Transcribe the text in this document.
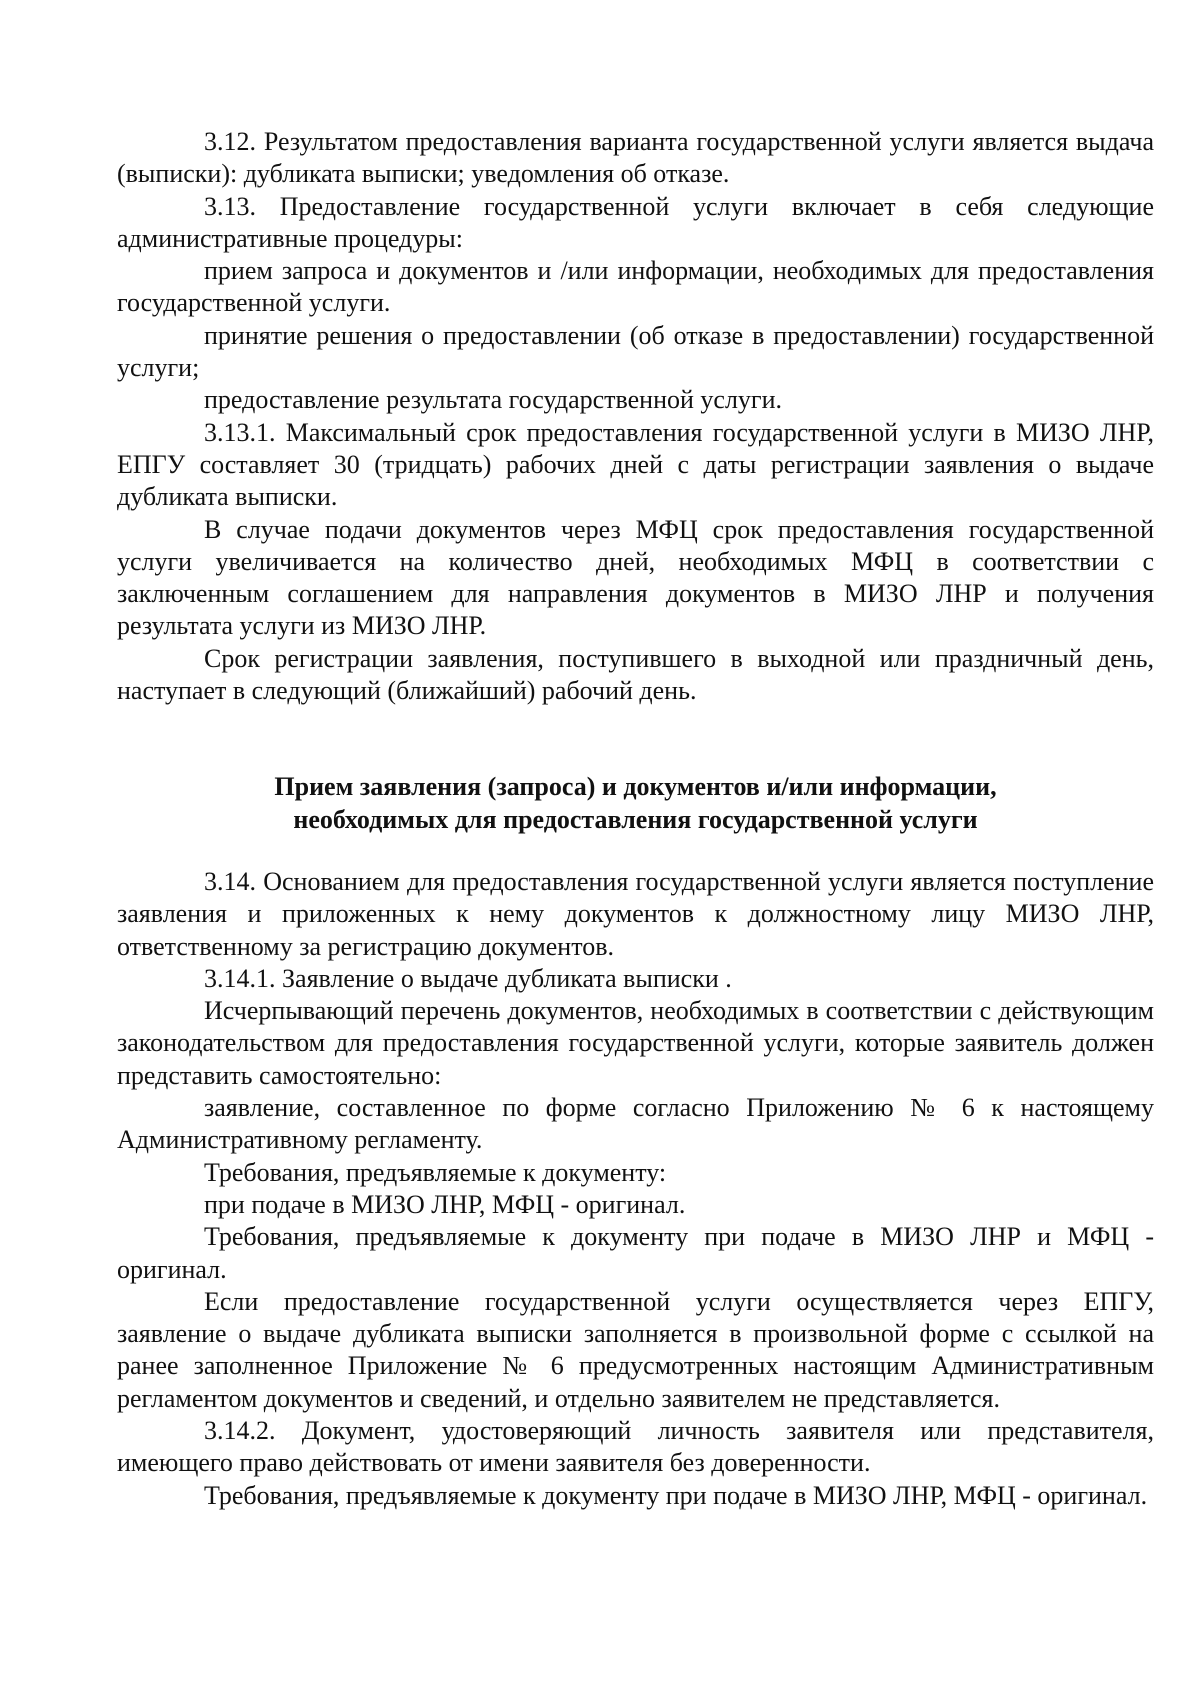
3.12. Результатом предоставления варианта государственной услуги является выдача (выписки): дубликата выписки; уведомления об отказе.

3.13. Предоставление государственной услуги включает в себя следующие административные процедуры:

прием запроса и документов и /или информации, необходимых для предоставления государственной услуги.

принятие решения о предоставлении (об отказе в предоставлении) государственной услуги;

предоставление результата государственной услуги.

3.13.1. Максимальный срок предоставления государственной услуги в МИЗО ЛНР, ЕПГУ составляет 30 (тридцать) рабочих дней с даты регистрации заявления о выдаче дубликата выписки.

В случае подачи документов через МФЦ срок предоставления государственной услуги увеличивается на количество дней, необходимых МФЦ в соответствии с заключенным соглашением для направления документов в МИЗО ЛНР и получения результата услуги из МИЗО ЛНР.

Срок регистрации заявления, поступившего в выходной или праздничный день, наступает в следующий (ближайший) рабочий день.

Прием заявления (запроса) и документов и/или информации,

необходимых для предоставления государственной услуги

3.14. Основанием для предоставления государственной услуги является поступление заявления и приложенных к нему документов к должностному лицу МИЗО ЛНР, ответственному за регистрацию документов.

3.14.1. Заявление о выдаче дубликата выписки .

Исчерпывающий перечень документов, необходимых в соответствии с действующим законодательством для предоставления государственной услуги, которые заявитель должен представить самостоятельно:

заявление, составленное по форме согласно Приложению № 6 к настоящему Административному регламенту.

Требования, предъявляемые к документу:

при подаче в МИЗО ЛНР, МФЦ - оригинал.

Требования, предъявляемые к документу при подаче в МИЗО ЛНР и МФЦ - оригинал.

Если предоставление государственной услуги осуществляется через ЕПГУ, заявление о выдаче дубликата выписки заполняется в произвольной форме с ссылкой на ранее заполненное Приложение № 6 предусмотренных настоящим Административным регламентом документов и сведений, и отдельно заявителем не представляется.

3.14.2. Документ, удостоверяющий личность заявителя или представителя, имеющего право действовать от имени заявителя без доверенности.

Требования, предъявляемые к документу при подаче в МИЗО ЛНР, МФЦ - оригинал.
